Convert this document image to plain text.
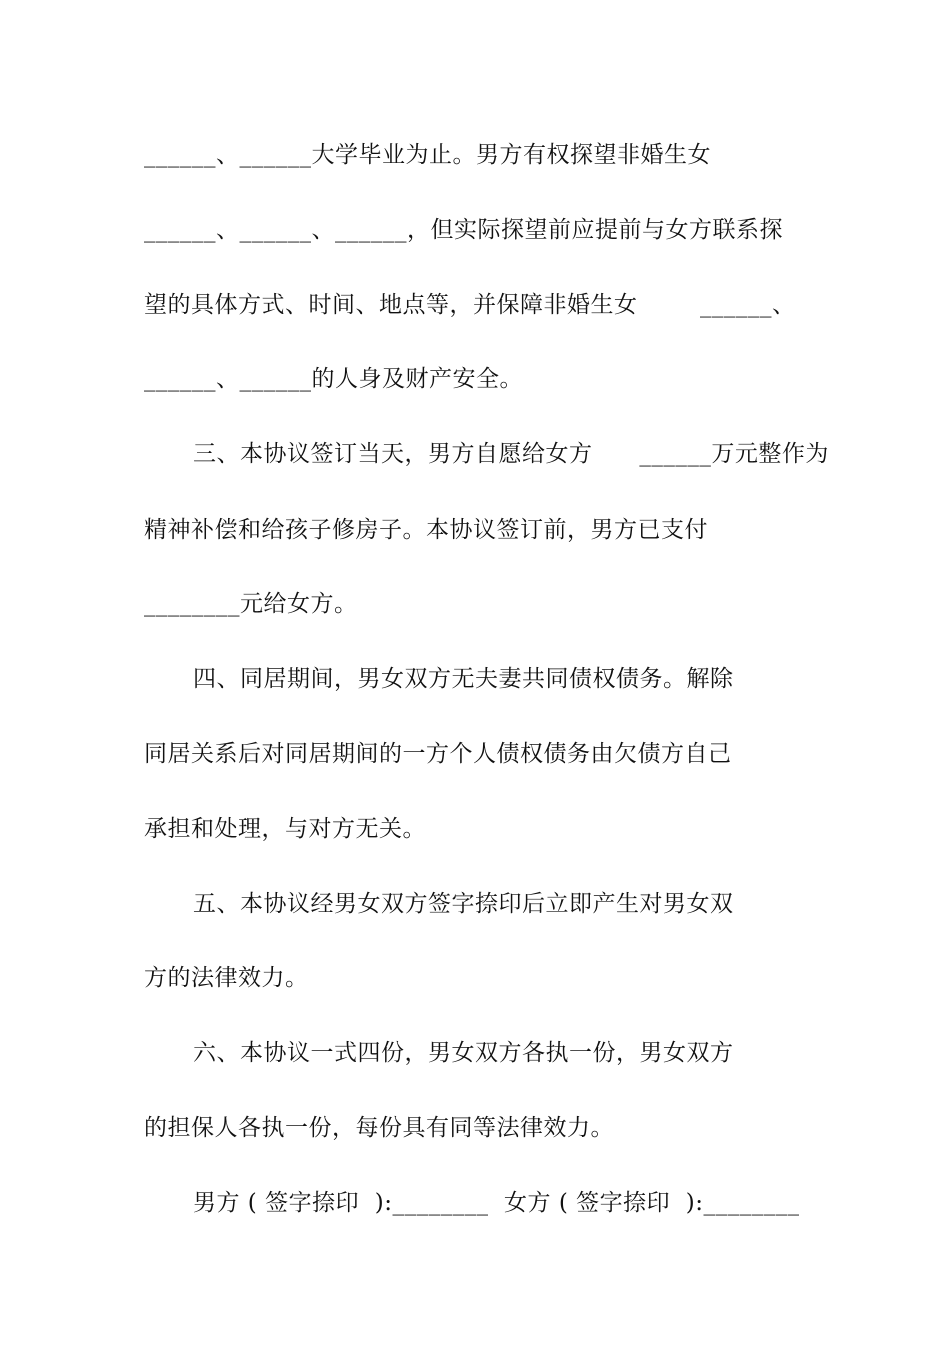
______、______大学毕业为止。男方有权探望非婚生女
______、______、______，但实际探望前应提前与女方联系探
望的具体方式、时间、地点等，并保障非婚生女        ______、
______、______的人身及财产安全。
三、本协议签订当天，男方自愿给女方      ______万元整作为
精神补偿和给孩子修房子。本协议签订前，男方已支付
________元给女方。
四、同居期间，男女双方无夫妻共同债权债务。解除
同居关系后对同居期间的一方个人债权债务由欠债方自己
承担和处理，与对方无关。
五、本协议经男女双方签字捺印后立即产生对男女双
方的法律效力。
六、本协议一式四份，男女双方各执一份，男女双方
的担保人各执一份，每份具有同等法律效力。
男方 ( 签字捺印  ):________  女方 ( 签字捺印  ):________
